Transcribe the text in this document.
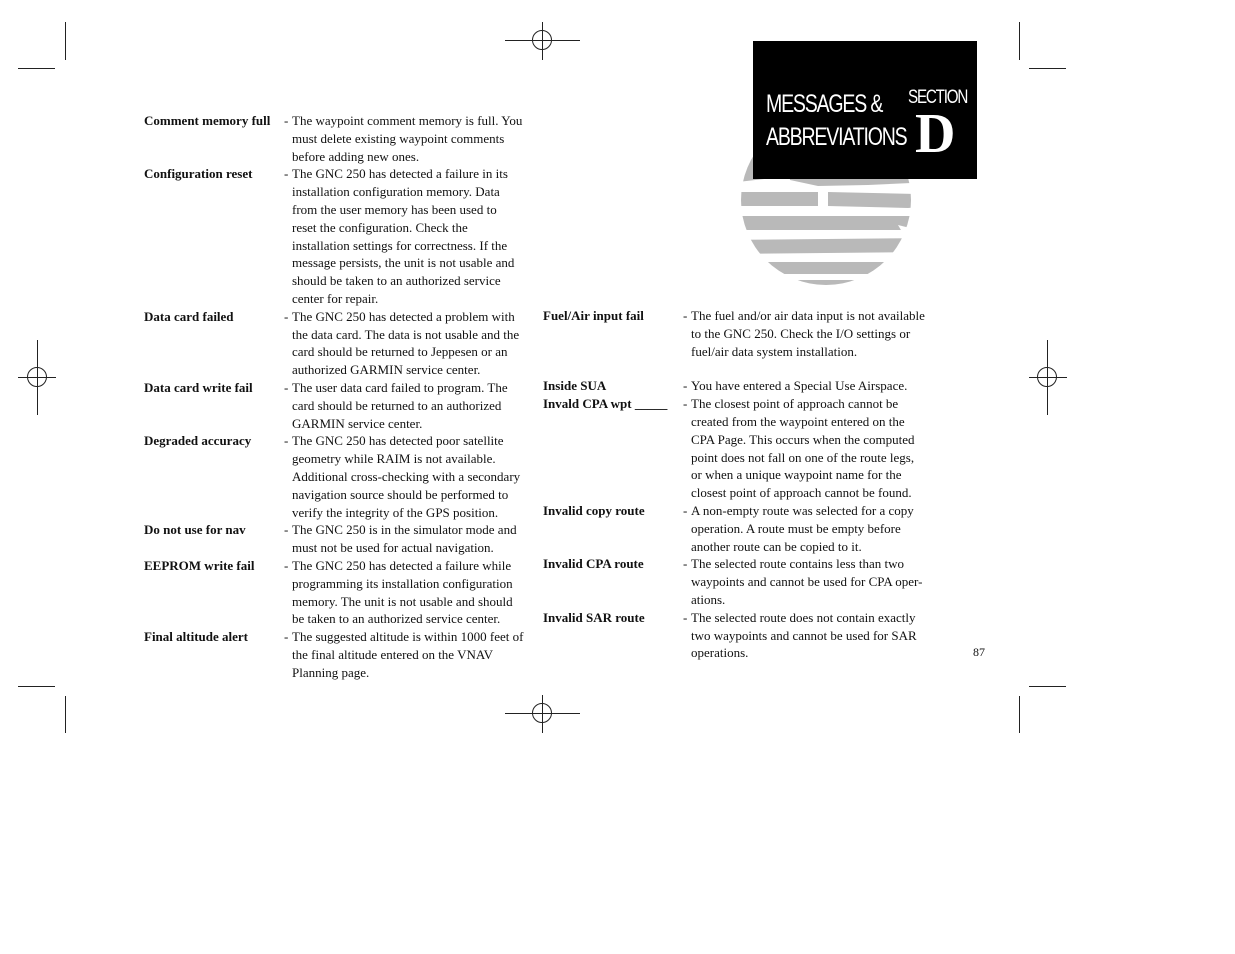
MESSAGES &
ABBREVIATIONS
SECTION
D
Comment memory full - The waypoint comment memory is full. You must delete existing waypoint comments before adding new ones.
Configuration reset - The GNC 250 has detected a failure in its installation configuration memory. Data from the user memory has been used to reset the configuration. Check the installation settings for correctness. If the message persists, the unit is not usable and should be taken to an authorized service center for repair.
Data card failed	- The GNC 250 has detected a problem with the data card. The data is not usable and the card should be returned to Jeppesen or an authorized GARMIN service center.
Data card write fail - The user data card failed to program. The card should be returned to an authorized GARMIN service center.
Degraded accuracy	- The GNC 250 has detected poor satellite geometry while RAIM is not available. Additional cross-checking with a secondary navigation source should be performed to verify the integrity of the GPS position.
Do not use for nav	- The GNC 250 is in the simulator mode and must not be used for actual navigation.
EEPROM write fail - The GNC 250 has detected a failure while programming its installation configuration memory. The unit is not usable and should be taken to an authorized service center.
Final altitude alert	- The suggested altitude is within 1000 feet of the final altitude entered on the VNAV Planning page.
Fuel/Air input fail	- The fuel and/or air data input is not available to the GNC 250. Check the I/O settings or fuel/air data system installation.
Inside SUA	- You have entered a Special Use Airspace.
Invald CPA wpt _____ - The closest point of approach cannot be created from the waypoint entered on the CPA Page. This occurs when the computed point does not fall on one of the route legs, or when a unique waypoint name for the closest point of approach cannot be found.
Invalid copy route	- A non-empty route was selected for a copy operation. A route must be empty before another route can be copied to it.
Invalid CPA route	- The selected route contains less than two waypoints and cannot be used for CPA oper-ations.
Invalid SAR route	- The selected route does not contain exactly two waypoints and cannot be used for SAR operations.	87
